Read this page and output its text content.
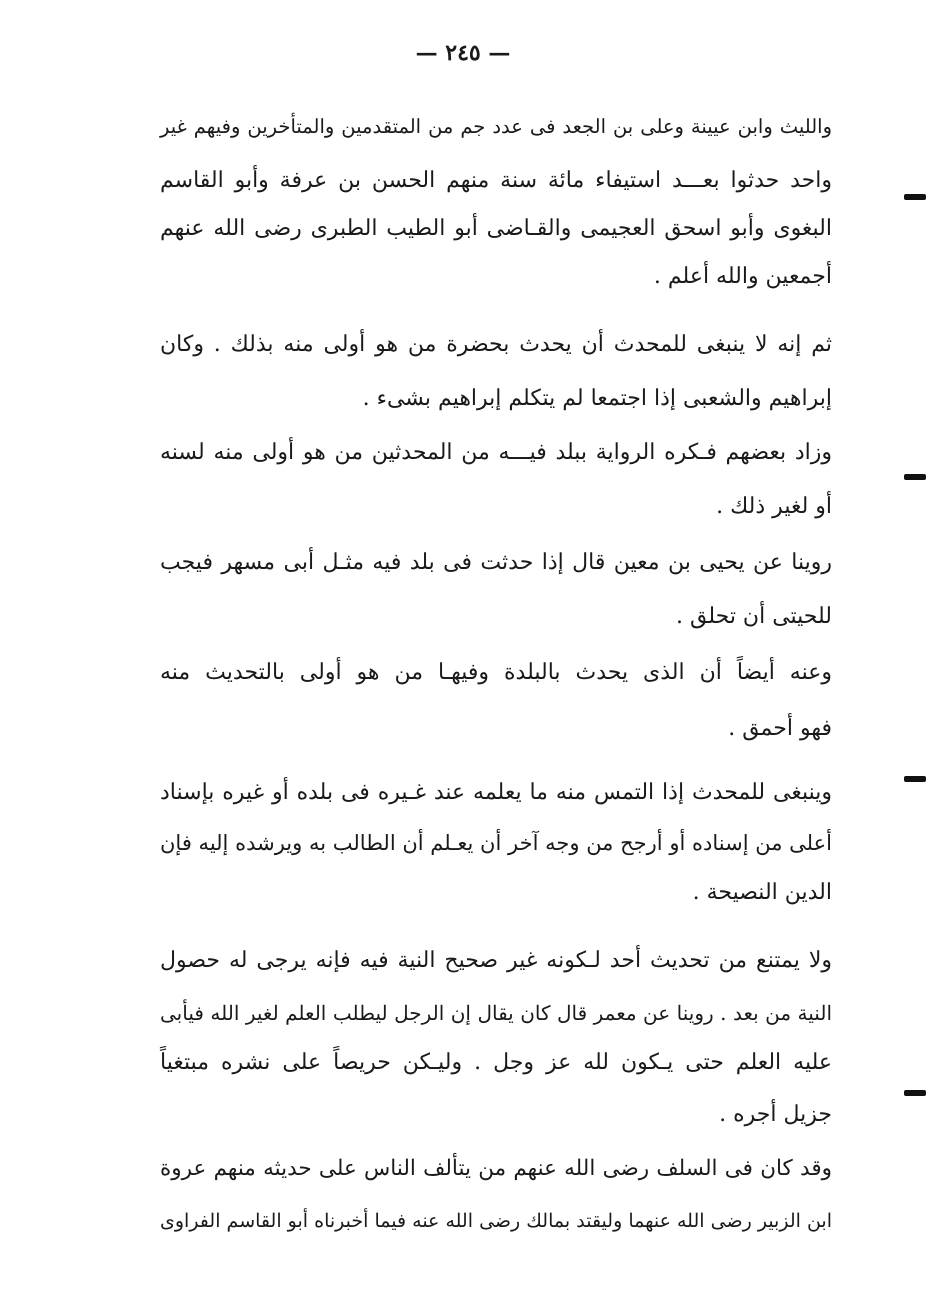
— ٢٤٥ —
والليث وابن عيينة وعلى بن الجعد فى عدد جم من المتقدمين والمتأخرين وفيهم غير
واحد حدثوا بعـــد استيفاء مائة سنة منهم الحسن بن عرفة وأبو القاسم
البغوى وأبو اسحق العجيمى والقـاضى أبو الطيب الطبرى رضى الله عنهم
أجمعين والله أعلم .
ثم إنه لا ينبغى للمحدث أن يحدث بحضرة من هو أولى منه بذلك . وكان
إبراهيم والشعبى إذا اجتمعا لم يتكلم إبراهيم بشىء .
وزاد بعضهم فـكره الرواية ببلد فيـــه من المحدثين من هو أولى منه لسنه
أو لغير ذلك .
روينا عن يحيى بن معين قال إذا حدثت فى بلد فيه مثـل أبى مسهر فيجب
للحيتى أن تحلق .
وعنه أيضاً أن الذى يحدث بالبلدة وفيهـا من هو أولى بالتحديث منه
فهو أحمق .
وينبغى للمحدث إذا التمس منه ما يعلمه عند غـيره فى بلده أو غيره بإسناد
أعلى من إسناده أو أرجح من وجه آخر أن يعـلم أن الطالب به ويرشده إليه فإن
الدين النصيحة .
ولا يمتنع من تحديث أحد لـكونه غير صحيح النية فيه فإنه يرجى له حصول
النية من بعد . روينا عن معمر قال كان يقال إن الرجل ليطلب العلم لغير الله فيأبى
عليه العلم حتى يـكون لله عز وجل . وليـكن حريصاً على نشره مبتغياً
جزيل أجره .
وقد كان فى السلف رضى الله عنهم من يتألف الناس على حديثه منهم عروة
ابن الزبير رضى الله عنهما وليقتد بمالك رضى الله عنه فيما أخبرناه أبو القاسم الفراوى
